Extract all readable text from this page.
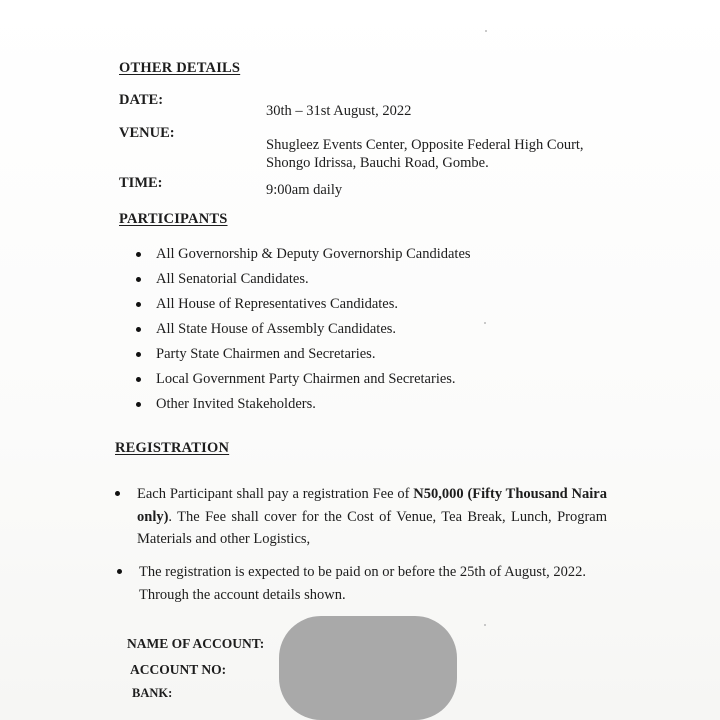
OTHER DETAILS
DATE:
30th – 31st August, 2022
VENUE:
Shugleez Events Center, Opposite Federal High Court,
Shongo Idrissa, Bauchi Road, Gombe.
TIME:	9:00am daily
PARTICIPANTS
All Governorship & Deputy Governorship Candidates
All Senatorial Candidates.
All House of Representatives Candidates.
All State House of Assembly Candidates.
Party State Chairmen and Secretaries.
Local Government Party Chairmen and Secretaries.
Other Invited Stakeholders.
REGISTRATION
Each Participant shall pay a registration Fee of N50,000 (Fifty Thousand Naira only). The Fee shall cover for the Cost of Venue, Tea Break, Lunch, Program Materials and other Logistics,
The registration is expected to be paid on or before the 25th of August, 2022. Through the account details shown.
NAME OF ACCOUNT:
ACCOUNT NO:
BANK:
